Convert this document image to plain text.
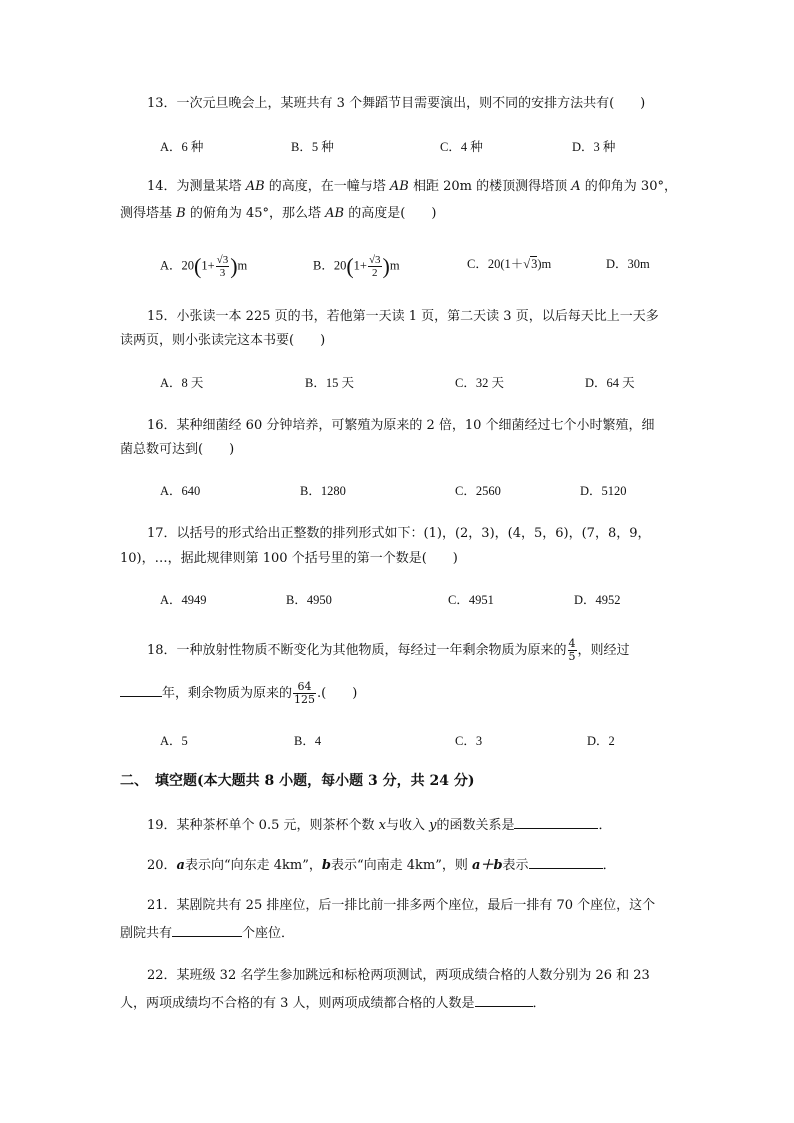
13．一次元旦晚会上，某班共有 3 个舞蹈节目需要演出，则不同的安排方法共有(　　)
A．6 种	B．5 种	C．4 种	D．3 种
14．为测量某塔 AB 的高度，在一幢与塔 AB 相距 20m 的楼顶测得塔顶 A 的仰角为 30°，
测得塔基 B 的俯角为 45°，那么塔 AB 的高度是(　　)
A．$20(1+ \frac{√3}{3} )m$	B．$20(1+ \frac{√3}{2} )m$	C．20(1＋√3)m	D．30m
15．小张读一本 225 页的书，若他第一天读 1 页，第二天读 3 页，以后每天比上一天多
读两页，则小张读完这本书要(　　)
A．8 天	B．15 天	C．32 天	D．64 天
16．某种细菌经 60 分钟培养，可繁殖为原来的 2 倍，10 个细菌经过七个小时繁殖，细
菌总数可达到(　　)
A．640	B．1280	C．2560	D．5120
17．以括号的形式给出正整数的排列形式如下：(1)，(2，3)，(4，5，6)，(7，8，9，
10)，…，据此规律则第 100 个括号里的第一个数是(　　)
A．4949	B．4950	C．4951	D．4952
18．一种放射性物质不断变化为其他物质，每经过一年剩余物质为原来的 $\frac{4}{5}$ ，则经过
年，剩余物质为原来的 $\frac{64}{125}$ .(　　)
A．5	B．4	C．3	D．2
二、　填空题(本大题共 8 小题，每小题 3 分，共 24 分)
19．某种茶杯单个 0.5 元，则茶杯个数 x与收入 y的函数关系是	．
20．a表示向“向东走 4km”，b表示“向南走 4km”，则 a＋b表示	．
21．某剧院共有 25 排座位，后一排比前一排多两个座位，最后一排有 70 个座位，这个
剧院共有	个座位．
22．某班级 32 名学生参加跳远和标枪两项测试，两项成绩合格的人数分别为 26 和 23
人，两项成绩均不合格的有 3 人，则两项成绩都合格的人数是	．
